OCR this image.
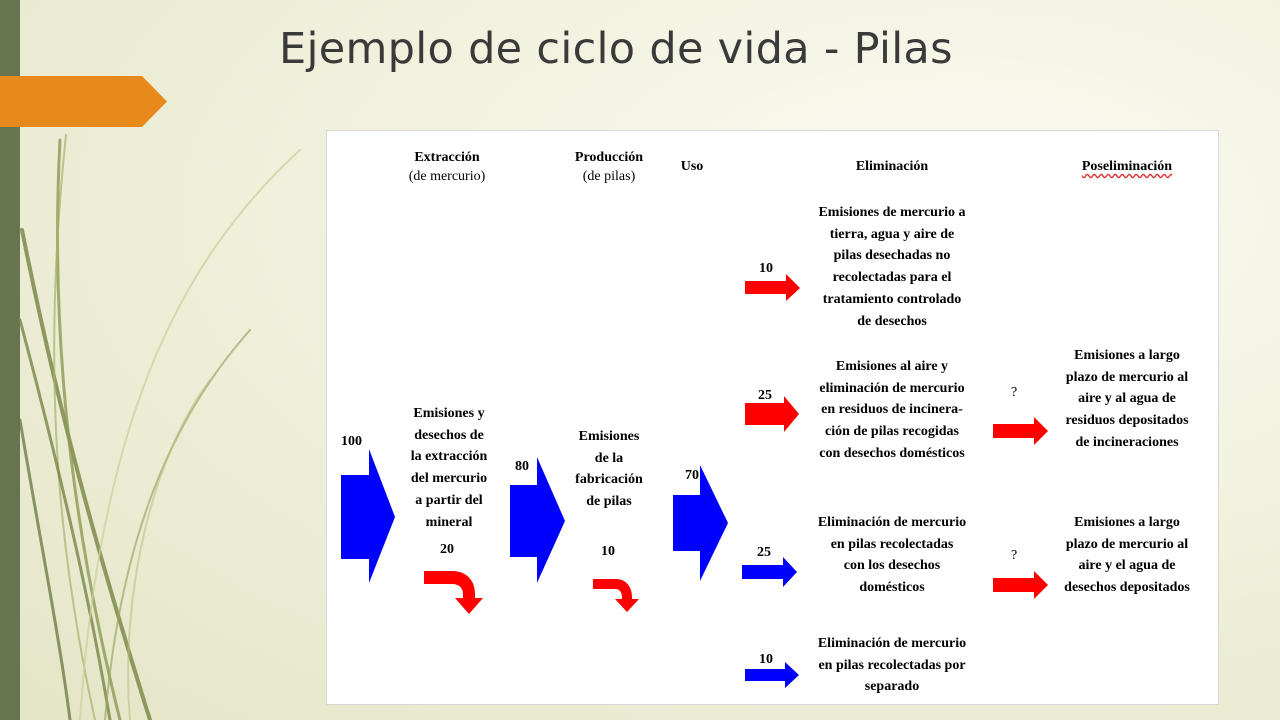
Ejemplo de ciclo de vida - Pilas
Extracción
(de mercurio)
Producción
(de pilas)
Uso	Eliminación	Poseliminación
100
80
70
20	10
10
25
25
10
?
?
Emisiones y
desechos de
la extracción
del mercurio
a partir del
mineral
Emisiones
de la
fabricación
de pilas
Emisiones de mercurio a
tierra, agua y aire de
pilas desechadas no
recolectadas para el
tratamiento controlado
de desechos
Emisiones al aire y
eliminación de mercurio
en residuos de incinera-
ción de pilas recogidas
con desechos domésticos
Eliminación de mercurio
en pilas recolectadas
con los desechos
domésticos
Eliminación de mercurio
en pilas recolectadas por
separado
Emisiones a largo
plazo de mercurio al
aire y al agua de
residuos depositados
de incineraciones
Emisiones a largo
plazo de mercurio al
aire y el agua de
desechos depositados
